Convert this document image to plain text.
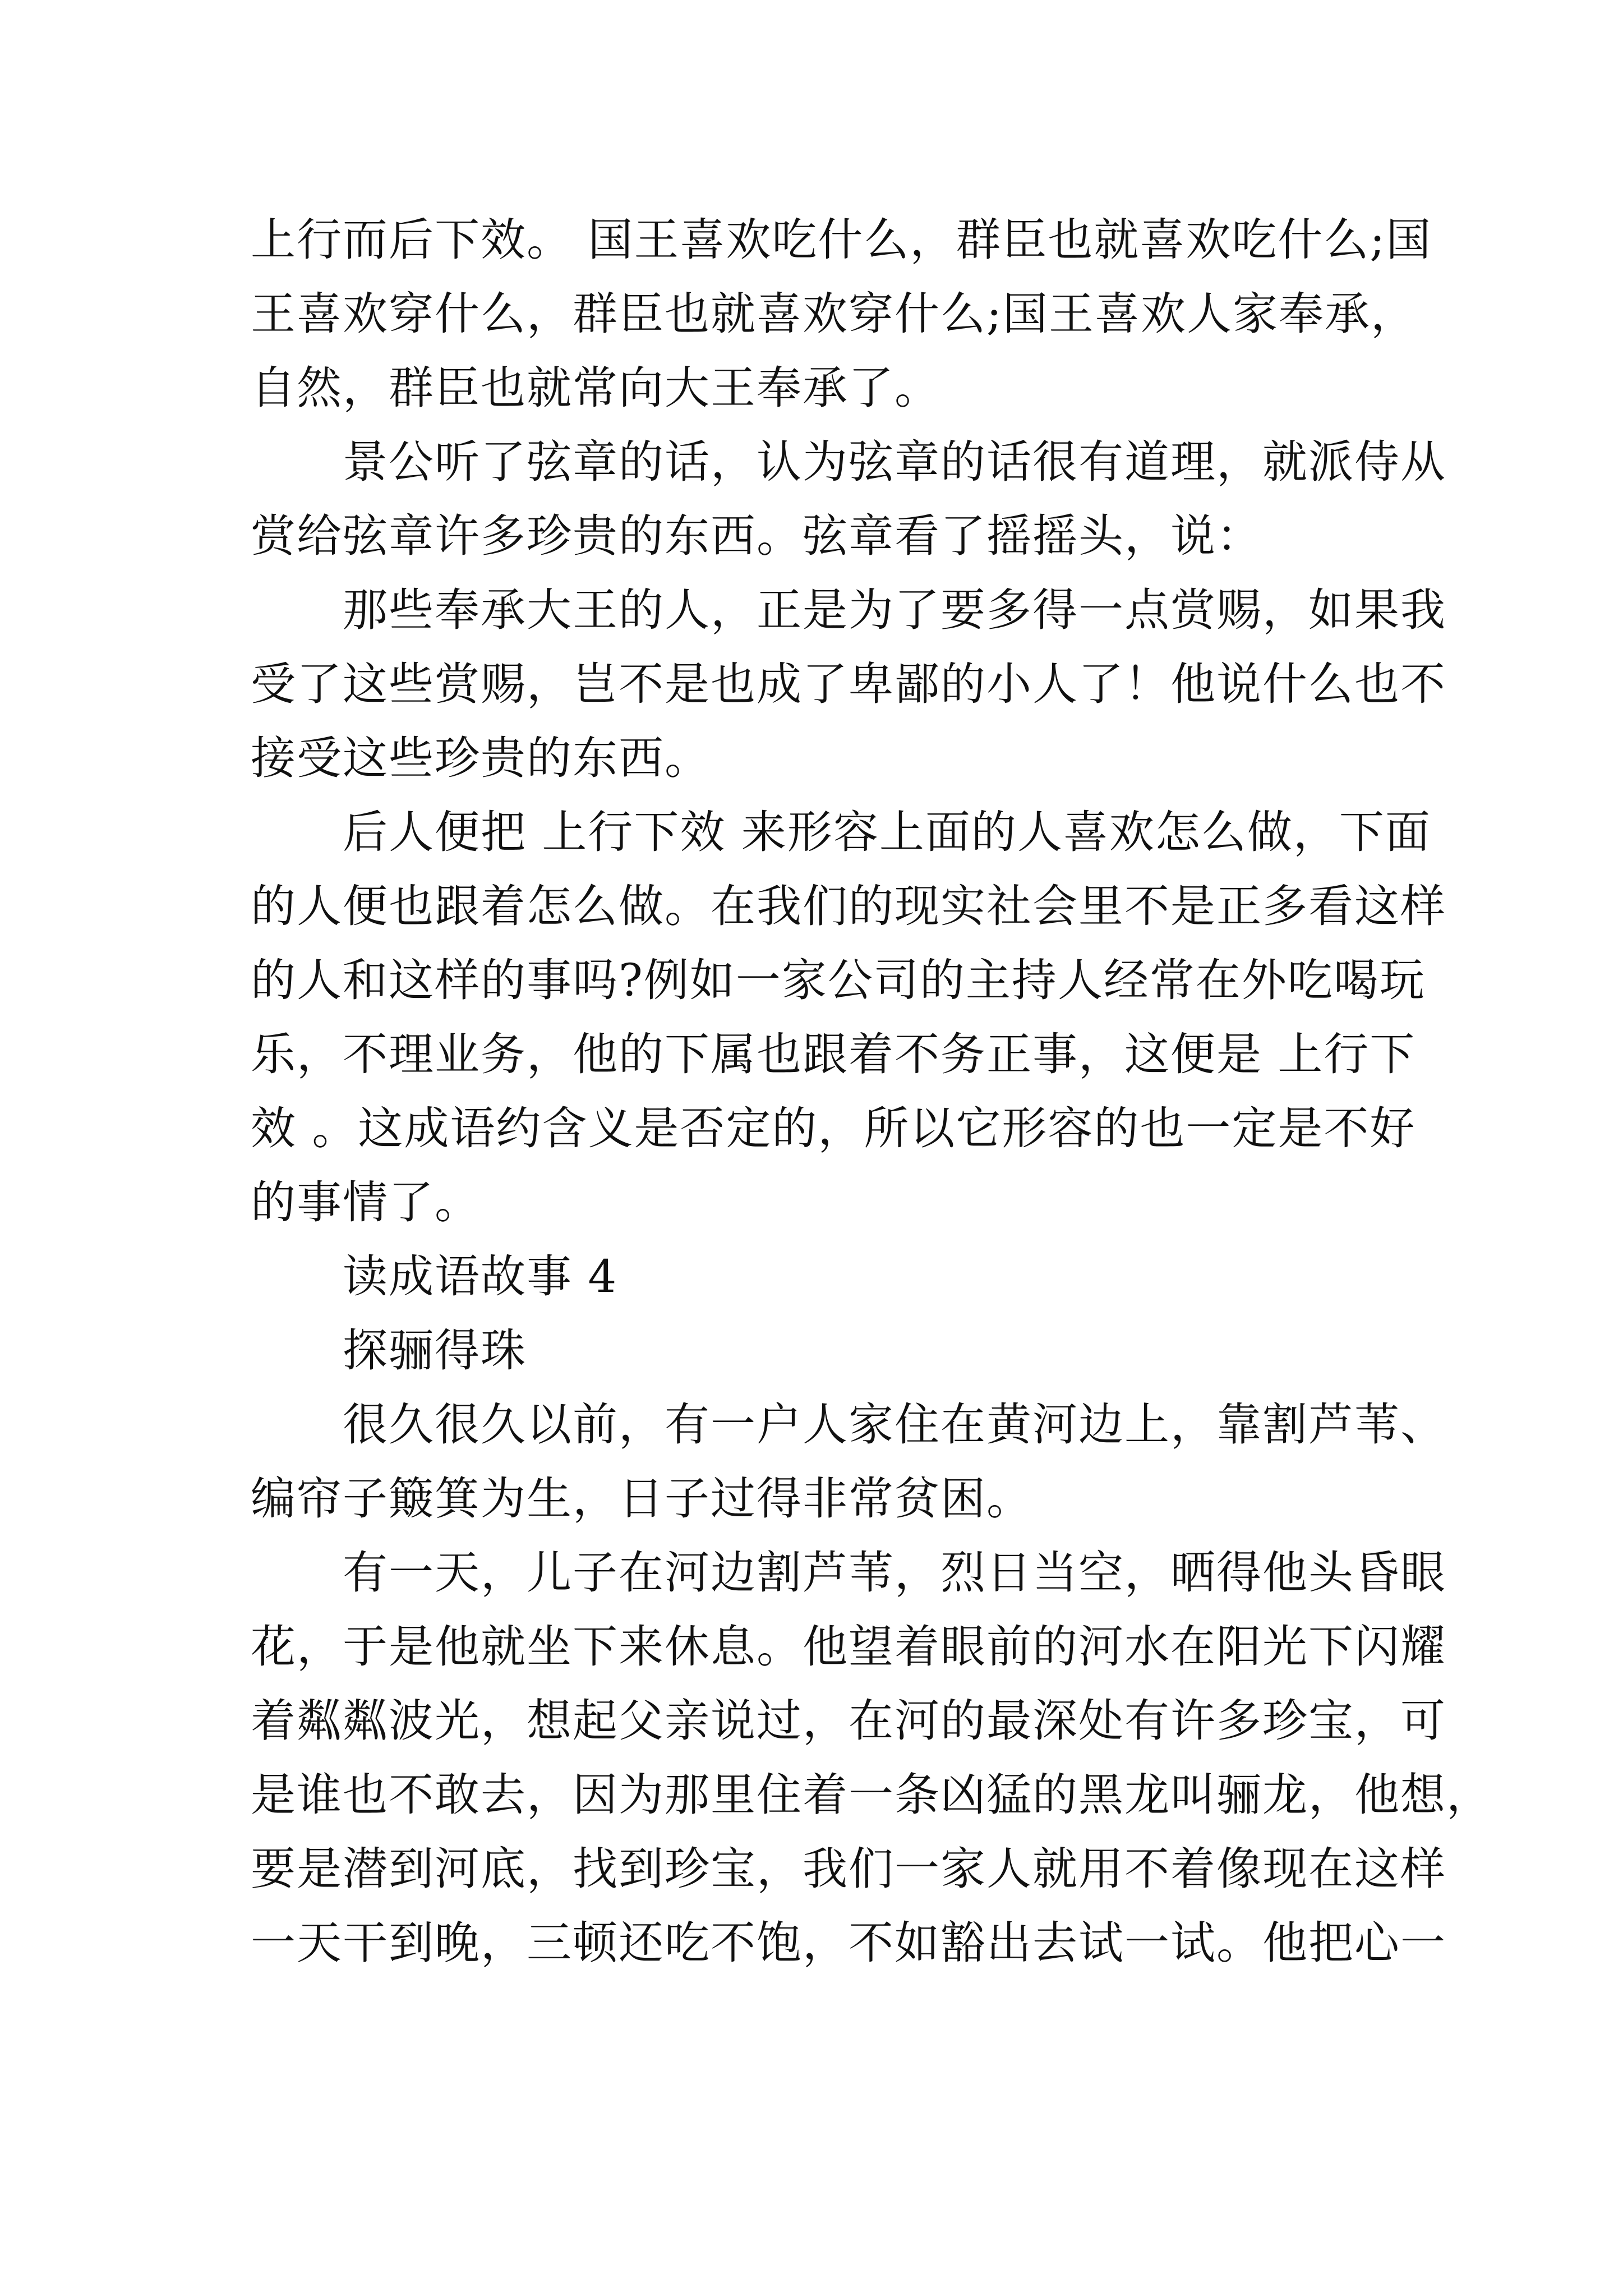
上行而后下效。 国王喜欢吃什么，群臣也就喜欢吃什么;国
王喜欢穿什么，群臣也就喜欢穿什么;国王喜欢人家奉承，
自然，群臣也就常向大王奉承了。
　　景公听了弦章的话，认为弦章的话很有道理，就派侍从
赏给弦章许多珍贵的东西。弦章看了摇摇头，说：
　　那些奉承大王的人，正是为了要多得一点赏赐，如果我
受了这些赏赐，岂不是也成了卑鄙的小人了！他说什么也不
接受这些珍贵的东西。
　　后人便把 上行下效 来形容上面的人喜欢怎么做，下面
的人便也跟着怎么做。在我们的现实社会里不是正多看这样
的人和这样的事吗?例如一家公司的主持人经常在外吃喝玩
乐，不理业务，他的下属也跟着不务正事，这便是 上行下
效 。这成语约含义是否定的，所以它形容的也一定是不好
的事情了。
　　读成语故事 4
　　探骊得珠
　　很久很久以前，有一户人家住在黄河边上，靠割芦苇、
编帘子簸箕为生，日子过得非常贫困。
　　有一天，儿子在河边割芦苇，烈日当空，晒得他头昏眼
花，于是他就坐下来休息。他望着眼前的河水在阳光下闪耀
着粼粼波光，想起父亲说过，在河的最深处有许多珍宝，可
是谁也不敢去，因为那里住着一条凶猛的黑龙叫骊龙，他想，
要是潜到河底，找到珍宝，我们一家人就用不着像现在这样
一天干到晚，三顿还吃不饱，不如豁出去试一试。他把心一
